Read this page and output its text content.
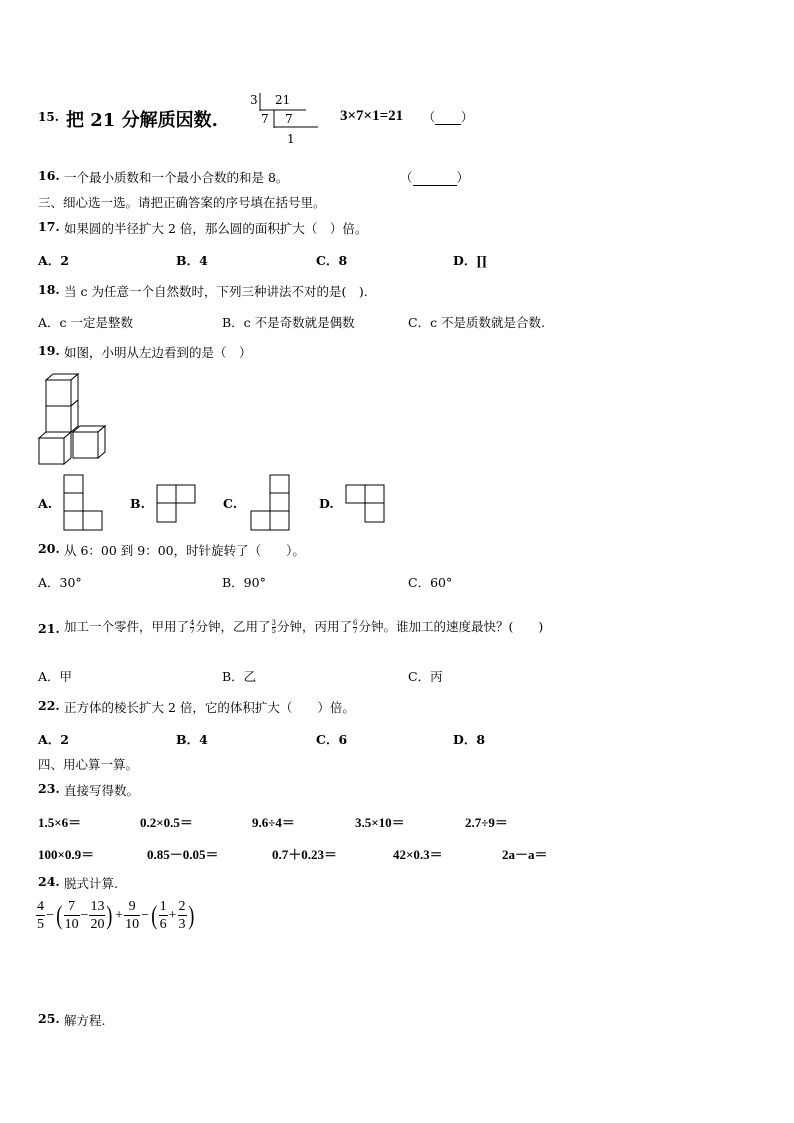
15. 把 21 分解质因数.
3 21
7 7
1
3×7×1=21 （ ）
16. 一个最小质数和一个最小合数的和是 8。	（	）
三、细心选一选。请把正确答案的序号填在括号里。
17. 如果圆的半径扩大 2 倍，那么圆的面积扩大（　）倍。
A．2	B．4	C．8	D．∏
18. 当 c 为任意一个自然数时，下列三种讲法不对的是(　).
A．c 一定是整数	B．c 不是奇数就是偶数	C．c 不是质数就是合数.
19. 如图，小明从左边看到的是（　）
A.	B.	C.	D.
20. 从 6：00 到 9：00，时针旋转了（　　）。
A．30°	B．90°	C．60°
21. 加工一个零件，甲用了 $\frac{4}{7}$ 分钟，乙用了 $\frac{3}{5}$ 分钟，丙用了 $\frac{6}{7}$ 分钟。谁加工的速度最快？(　　)
A．甲	B．乙	C．丙
22. 正方体的棱长扩大 2 倍，它的体积扩大（　　）倍。
A．2	B．4	C．6	D．8
四、用心算一算。
23. 直接写得数。
1.5×6＝	0.2×0.5＝	9.6÷4＝	3.5×10＝	2.7÷9＝
100×0.9＝	0.85－0.05＝	0.7＋0.23＝	42×0.3＝	2a－a＝
24. 脱式计算.
$\frac{4}{5}$ −( $\frac{7}{10} - \frac{13}{20}$ ) + $\frac{9}{10}$ −( $\frac{1}{6} + \frac{2}{3}$ )
25. 解方程.
